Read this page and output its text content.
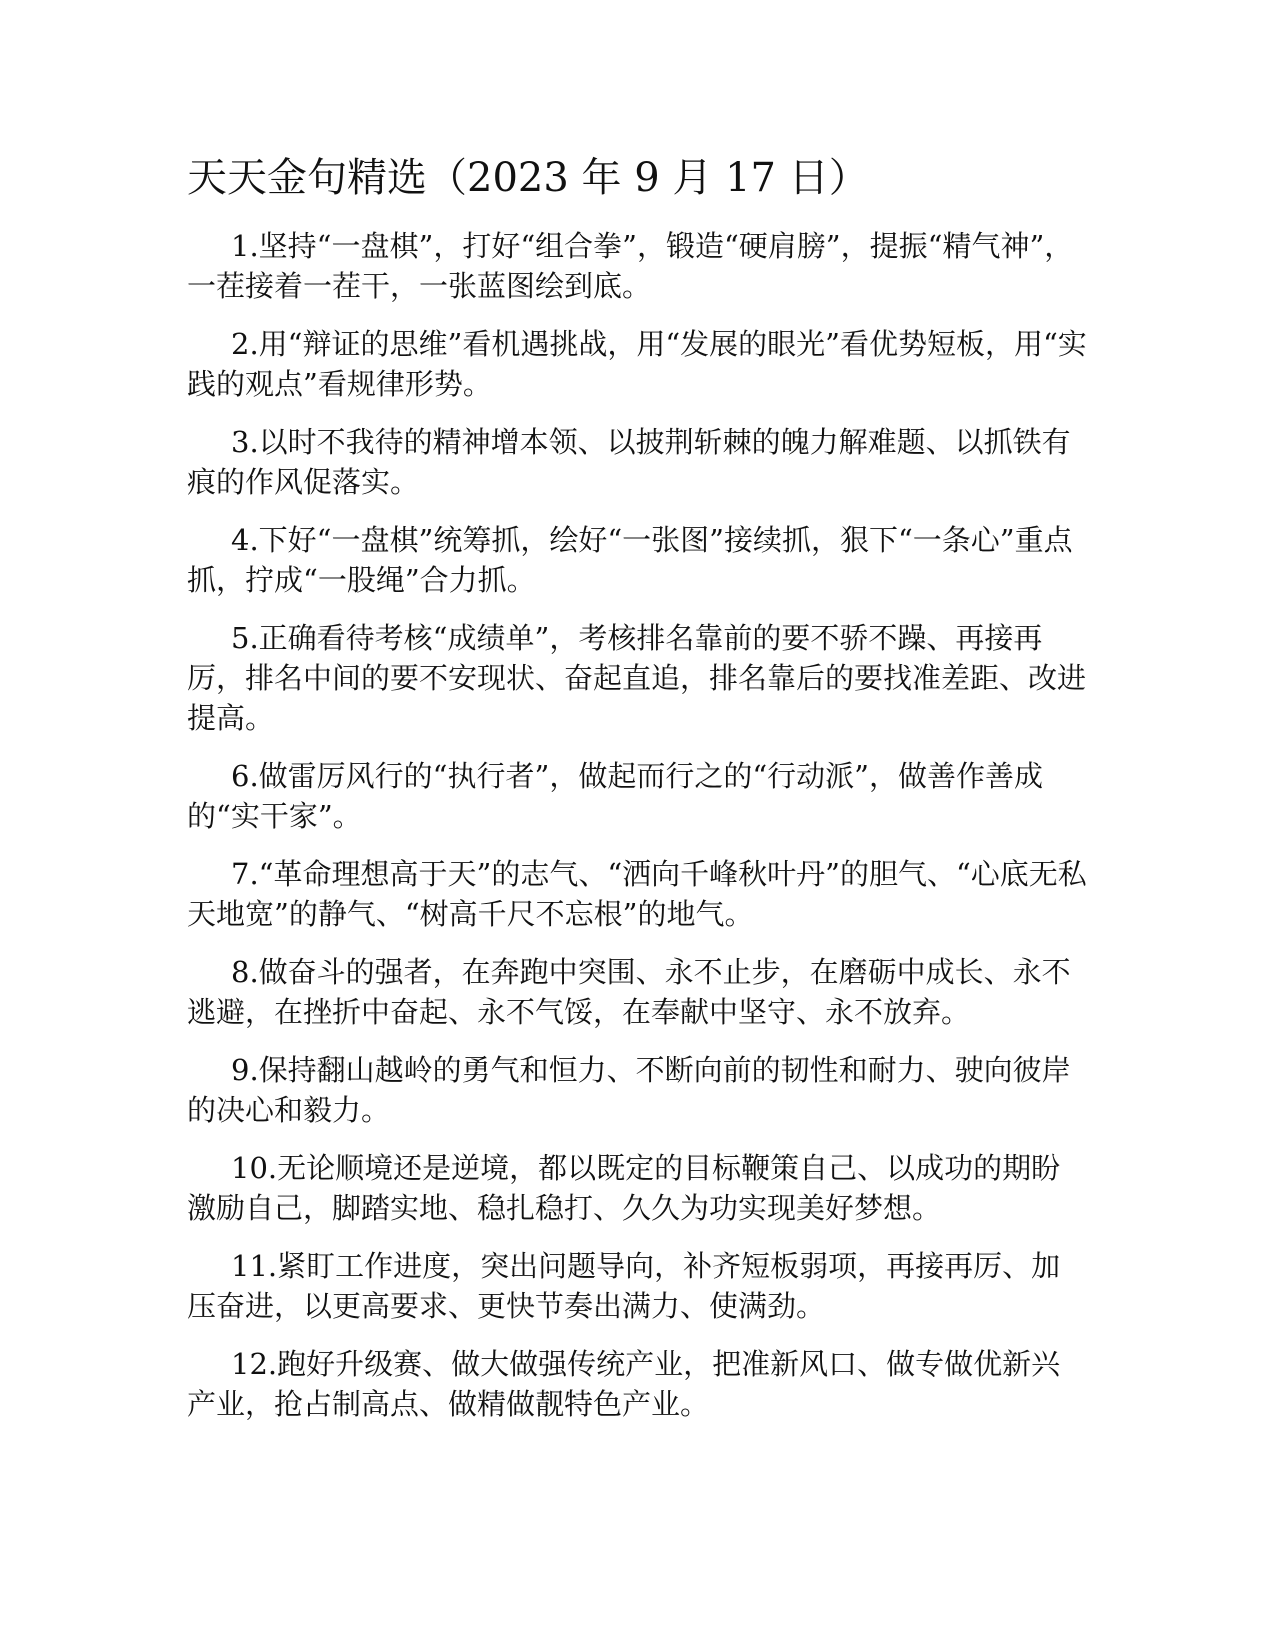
天天金句精选（2023 年 9 月 17 日）

1.坚持“一盘棋”，打好“组合拳”，锻造“硬肩膀”，提振“精气神”，一茬接着一茬干，一张蓝图绘到底。

2.用“辩证的思维”看机遇挑战，用“发展的眼光”看优势短板，用“实践的观点”看规律形势。

3.以时不我待的精神增本领、以披荆斩棘的魄力解难题、以抓铁有痕的作风促落实。

4.下好“一盘棋”统筹抓，绘好“一张图”接续抓，狠下“一条心”重点抓，拧成“一股绳”合力抓。

5.正确看待考核“成绩单”，考核排名靠前的要不骄不躁、再接再厉，排名中间的要不安现状、奋起直追，排名靠后的要找准差距、改进提高。

6.做雷厉风行的“执行者”，做起而行之的“行动派”，做善作善成的“实干家”。

7.“革命理想高于天”的志气、“洒向千峰秋叶丹”的胆气、“心底无私天地宽”的静气、“树高千尺不忘根”的地气。

8.做奋斗的强者，在奔跑中突围、永不止步，在磨砺中成长、永不逃避，在挫折中奋起、永不气馁，在奉献中坚守、永不放弃。

9.保持翻山越岭的勇气和恒力、不断向前的韧性和耐力、驶向彼岸的决心和毅力。

10.无论顺境还是逆境，都以既定的目标鞭策自己、以成功的期盼激励自己，脚踏实地、稳扎稳打、久久为功实现美好梦想。

11.紧盯工作进度，突出问题导向，补齐短板弱项，再接再厉、加压奋进，以更高要求、更快节奏出满力、使满劲。

12.跑好升级赛、做大做强传统产业，把准新风口、做专做优新兴产业，抢占制高点、做精做靓特色产业。
